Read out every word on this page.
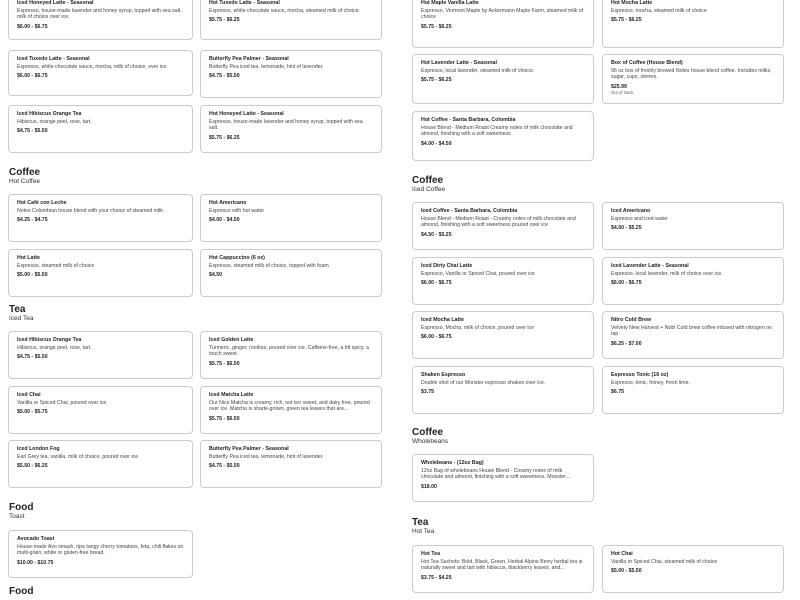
Iced Honeyed Latte - Seasonal
Espresso, house-made lavender and honey syrup, topped with sea salt, milk of choice over ice.
$6.00 - $6.75
Iced Tuxedo Latte - Seasonal
Espresso, white chocolate sauce, mocha, milk of choice, over ice.
$6.00 - $6.75
Iced Hibiscus Orange Tea
Hibiscus, orange peel, rose, tart.
$4.75 - $5.50
Coffee
Hot Coffee
Hot Café con Leche
Notes Colombian house blend with your choice of steamed milk
$4.25 - $4.75
Hot Latte
Espresso, steamed milk of choice
$5.00 - $5.50
Tea
Iced Tea
Iced Hibiscus Orange Tea
Hibiscus, orange peel, rose, tart.
$4.75 - $5.50
Iced Chai
Vanilla or Spiced Chai, poured over ice
$5.00 - $5.75
Iced London Fog
Earl Grey tea, vanilla, milk of choice, poured over ice
$5.50 - $6.25
Food
Toast
Avocado Toast
House-made Avo smash, ripe tangy cherry tomatoes, feta, chili flakes on multi-grain, white or gluten-free bread.
$10.00 - $10.75
Food
Hot Tuxedo Latte - Seasonal
Espresso, white chocolate sauce, mocha, steamed milk of choice.
$5.75 - $6.25
Butterfly Pea Palmer - Seasonal
Butterfly Pea iced tea, lemonade, hint of lavender.
$4.75 - $5.50
Hot Honeyed Latte - Seasonal
Espresso, house-made lavender and honey syrup, topped with sea salt.
$5.75 - $6.25
Hot Americano
Espresso with hot water
$4.00 - $4.50
Hot Cappuccino (6 oz)
Espresso, steamed milk of choice, topped with foam
$4.50
Iced Golden Latte
Turmeric, ginger, rooibos, poured over ice. Caffeine-free, a bit spicy, a touch sweet.
$5.75 - $6.50
Iced Matcha Latte
Our Nice Matcha is creamy, rich, not too sweet, and dairy free, poured over ice. Matcha is shade-grown, green tea leaves that are...
$5.75 - $6.50
Butterfly Pea Palmer - Seasonal
Butterfly Pea iced tea, lemonade, hint of lavender.
$4.75 - $5.50
Hot Maple Vanilla Latte
Espresso, Vermont Maple by Ackermann Maple Farm, steamed milk of choice
$5.75 - $6.25
Hot Lavender Latte - Seasonal
Espresso, local lavender, steamed milk of choice.
$5.75 - $6.25
Hot Coffee - Santa Barbara, Colombia
House Blend - Medium Roast Creamy notes of milk chocolate and almond, finishing with a soft sweetness
$4.00 - $4.50
Coffee
Iced Coffee
Iced Coffee - Santa Barbara, Colombia
House Blend - Medium Roast - Creamy notes of milk chocolate and almond, finishing with a soft sweetness poured over ice
$4.50 - $5.25
Iced Dirty Chai Latte
Espresso, Vanilla or Spiced Chai, poured over ice
$6.00 - $6.75
Iced Mocha Latte
Espresso, Mocha, milk of choice, poured over ice
$6.00 - $6.75
Shaken Espresso
Double shot of our Monster espresso shaken over ice.
$3.75
Coffee
Wholebeans
Wholebeans - (12oz Bag)
12oz Bag of wholebeans House Blend - Creamy notes of milk chocolate and almond, finishing with a soft sweetness. Monster...
$18.00
Tea
Hot Tea
Hot Tea
Hot Tea Sachets: Bold, Black, Green, Herbal Alpine Berry herbal tea is naturally sweet and tart with hibiscus, blackberry leaves, and...
$3.75 - $4.25
Hot Mocha Latte
Espresso, mocha, steamed milk of choice
$5.75 - $6.25
Box of Coffee (House Blend)
96 oz box of freshly brewed Notes house blend coffee. Includes milks, sugar, cups, stirrers.
$25.99
Out of stock
Iced Americano
Espresso and iced water
$4.50 - $5.25
Iced Lavender Latte - Seasonal
Espresso, local lavender, milk of choice over ice.
$6.00 - $6.75
Nitro Cold Brew
Velvety New Harvest + Nobl Cold brew coffee infused with nitrogen on tap
$6.25 - $7.00
Espresso Tonic (16 oz)
Espresso, tonic, honey, fresh lime.
$6.75
Hot Chai
Vanilla or Spiced Chai, steamed milk of choice
$5.00 - $5.50
